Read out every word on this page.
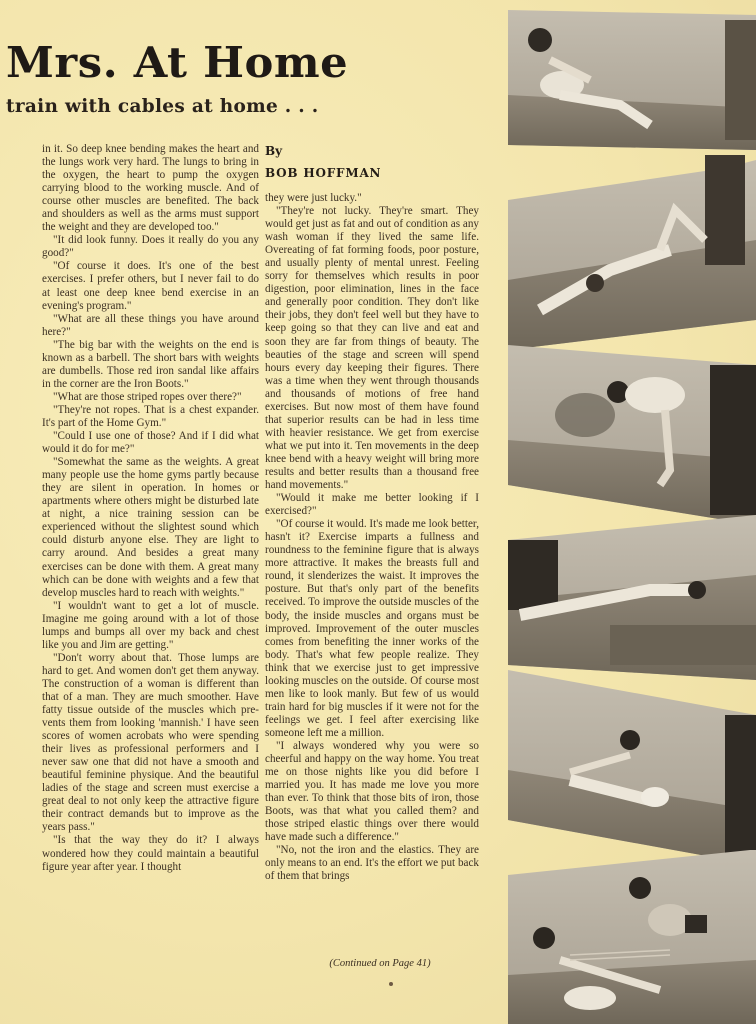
Mrs. At Home
train with cables at home . . .
By
BOB HOFFMAN

in it. So deep knee bending makes the heart and the lungs work very hard. The lungs to bring in the oxygen, the heart to pump the oxygen carrying blood to the working muscle. And of course other muscles are benefited. The back and shoulders as well as the arms must support the weight and they are developed too."

"It did look funny. Does it really do you any good?"

"Of course it does. It's one of the best exercises. I prefer others, but I never fail to do at least one deep knee bend exercise in an evening's program."

"What are all these things you have around here?"

"The big bar with the weights on the end is known as a barbell. The short bars with weights are dumbells. Those red iron sandal like affairs in the corner are the Iron Boots."

"What are those striped ropes over there?"

"They're not ropes. That is a chest expander. It's part of the Home Gym."

"Could I use one of those? And if I did what would it do for me?"

"Somewhat the same as the weights. A great many people use the home gyms partly because they are silent in operation. In homes or apartments where others might be disturbed late at night, a nice training session can be experienced without the slightest sound which could disturb anyone else. They are light to carry around. And besides a great many exercises can be done with them. A great many which can be done with weights and a few that develop muscles hard to reach with weights."

"I wouldn't want to get a lot of muscle. Imagine me going around with a lot of those lumps and bumps all over my back and chest like you and Jim are getting."

"Don't worry about that. Those lumps are hard to get. And women don't get them anyway. The construction of a woman is different than that of a man. They are much smoother. Have fatty tissue outside of the muscles which prevents them from looking 'mannish.' I have seen scores of women acrobats who were spending their lives as professional performers and I never saw one that did not have a smooth and beautiful feminine physique. And the beautiful ladies of the stage and screen must exercise a great deal to not only keep the attractive figure their contract demands but to improve as the years pass."

"Is that the way they do it? I always wondered how they could maintain a beautiful figure year after year. I thought

they were just lucky."

"They're not lucky. They're smart. They would get just as fat and out of condition as any wash woman if they lived the same life. Overeating of fat forming foods, poor posture, and usually plenty of mental unrest. Feeling sorry for themselves which results in poor digestion, poor elimination, lines in the face and generally poor condition. They don't like their jobs, they don't feel well but they have to keep going so that they can live and eat and soon they are far from things of beauty. The beauties of the stage and screen will spend hours every day keeping their figures. There was a time when they went through thousands and thousands of motions of free hand exercises. But now most of them have found that superior results can be had in less time with heavier resistance. We get from exercise what we put into it. Ten movements in the deep knee bend with a heavy weight will bring more results and better results than a thousand free hand movements."

"Would it make me better looking if I exercised?"

"Of course it would. It's made me look better, hasn't it? Exercise imparts a fullness and roundness to the feminine figure that is always more attractive. It makes the breasts full and round, it slenderizes the waist. It improves the posture. But that's only part of the benefits received. To improve the outside muscles of the body, the inside muscles and organs must be improved. Improvement of the outer muscles comes from benefiting the inner works of the body. That's what few people realize. They think that we exercise just to get impressive looking muscles on the outside. Of course most men like to look manly. But few of us would train hard for big muscles if it were not for the feelings we get. I feel after exercising like someone left me a million.

"I always wondered why you were so cheerful and happy on the way home. You treat me on those nights like you did before I married you. It has made me love you more than ever. To think that those bits of iron, those Boots, was that what you called them? and those striped elastic things over there would have made such a difference."

"No, not the iron and the elastics. They are only means to an end. It's the effort we put back of them that brings

(Continued on Page 41)
